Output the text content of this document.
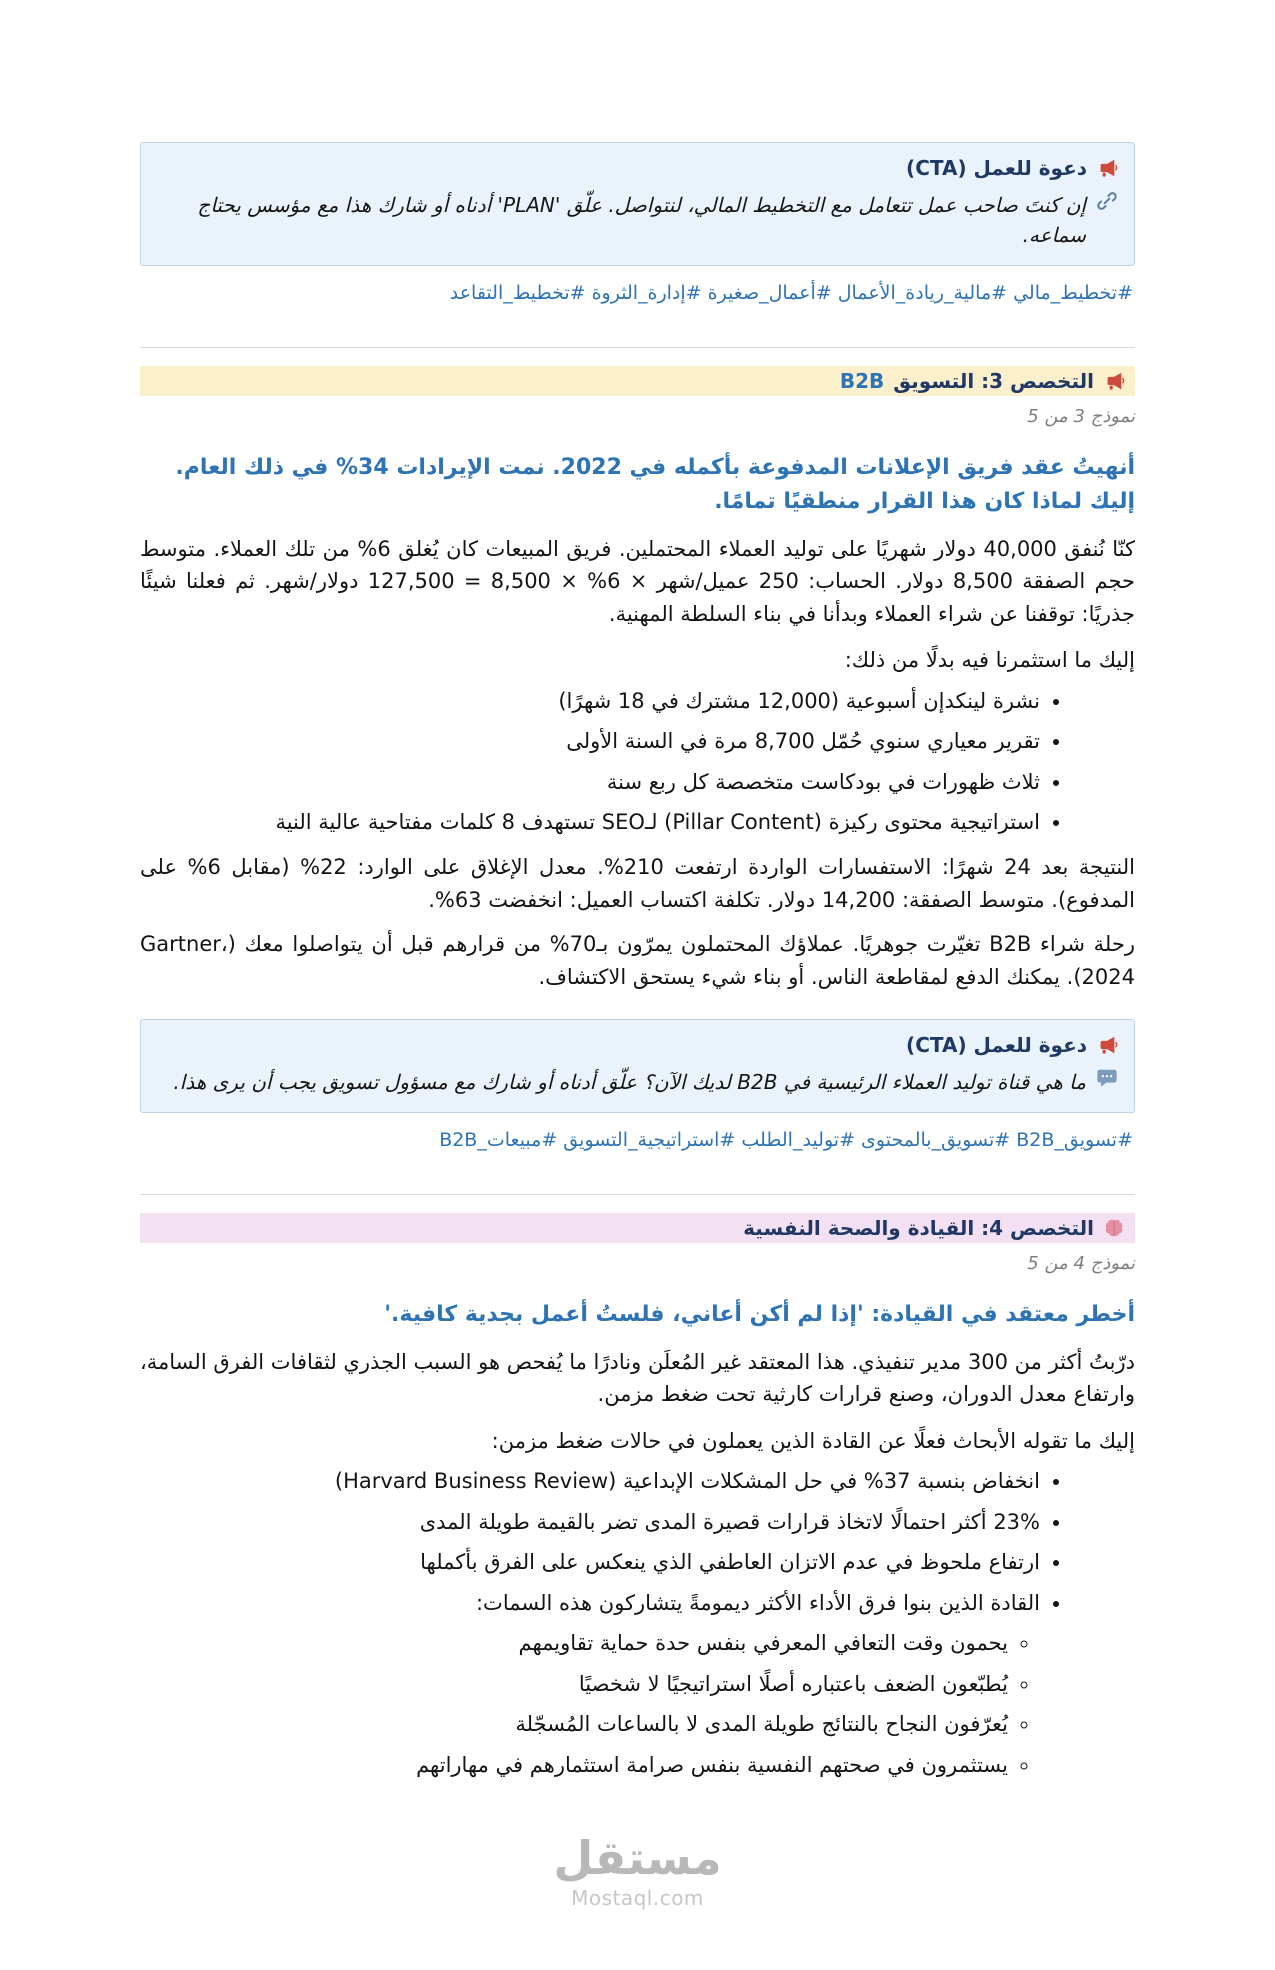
دعوة للعمل (CTA)
إن كنتَ صاحب عمل تتعامل مع التخطيط المالي، لنتواصل. علّق 'PLAN' أدناه أو شارك هذا مع مؤسس يحتاج سماعه.

#تخطيط_مالي #مالية_ريادة_الأعمال #أعمال_صغيرة #إدارة_الثروة #تخطيط_التقاعد

التخصص 3: التسويق
B2B

نموذج 3 من 5

أنهيتُ عقد فريق الإعلانات المدفوعة بأكمله في 2022. نمت الإيرادات 34% في ذلك العام. إليك لماذا كان هذا القرار منطقيًا تمامًا.

كنّا نُنفق 40,000 دولار شهريًا على توليد العملاء المحتملين. فريق المبيعات كان يُغلق 6% من تلك العملاء. متوسط حجم الصفقة 8,500 دولار. الحساب: 250 عميل/شهر × 6% × 8,500 = 127,500 دولار/شهر. ثم فعلنا شيئًا جذريًا: توقفنا عن شراء العملاء وبدأنا في بناء السلطة المهنية.

إليك ما استثمرنا فيه بدلًا من ذلك:

• نشرة لينكدإن أسبوعية (12,000 مشترك في 18 شهرًا)
• تقرير معياري سنوي حُمّل 8,700 مرة في السنة الأولى
• ثلاث ظهورات في بودكاست متخصصة كل ربع سنة
• استراتيجية محتوى ركيزة (Pillar Content) لـSEO تستهدف 8 كلمات مفتاحية عالية النية

النتيجة بعد 24 شهرًا: الاستفسارات الواردة ارتفعت 210%. معدل الإغلاق على الوارد: 22% (مقابل 6% على المدفوع). متوسط الصفقة: 14,200 دولار. تكلفة اكتساب العميل: انخفضت 63%.

رحلة شراء B2B تغيّرت جوهريًا. عملاؤك المحتملون يمرّون بـ70% من قرارهم قبل أن يتواصلوا معك (Gartner، 2024). يمكنك الدفع لمقاطعة الناس. أو بناء شيء يستحق الاكتشاف.

دعوة للعمل (CTA)
ما هي قناة توليد العملاء الرئيسية في B2B لديك الآن؟ علّق أدناه أو شارك مع مسؤول تسويق يجب أن يرى هذا.

#تسويق_B2B #تسويق_بالمحتوى #توليد_الطلب #استراتيجية_التسويق #مبيعات_B2B

التخصص 4: القيادة والصحة النفسية

نموذج 4 من 5

أخطر معتقد في القيادة: 'إذا لم أكن أعاني، فلستُ أعمل بجدية كافية.'

درّبتُ أكثر من 300 مدير تنفيذي. هذا المعتقد غير المُعلَن ونادرًا ما يُفحص هو السبب الجذري لثقافات الفرق السامة، وارتفاع معدل الدوران، وصنع قرارات كارثية تحت ضغط مزمن.

إليك ما تقوله الأبحاث فعلًا عن القادة الذين يعملون في حالات ضغط مزمن:

• انخفاض بنسبة 37% في حل المشكلات الإبداعية (Harvard Business Review)
• 23% أكثر احتمالًا لاتخاذ قرارات قصيرة المدى تضر بالقيمة طويلة المدى
• ارتفاع ملحوظ في عدم الاتزان العاطفي الذي ينعكس على الفرق بأكملها
• القادة الذين بنوا فرق الأداء الأكثر ديمومةً يتشاركون هذه السمات:
◦ يحمون وقت التعافي المعرفي بنفس حدة حماية تقاويمهم
◦ يُطبّعون الضعف باعتباره أصلًا استراتيجيًا لا شخصيًا
◦ يُعرّفون النجاح بالنتائج طويلة المدى لا بالساعات المُسجّلة
◦ يستثمرون في صحتهم النفسية بنفس صرامة استثمارهم في مهاراتهم
مستقل
Mostaql.com
